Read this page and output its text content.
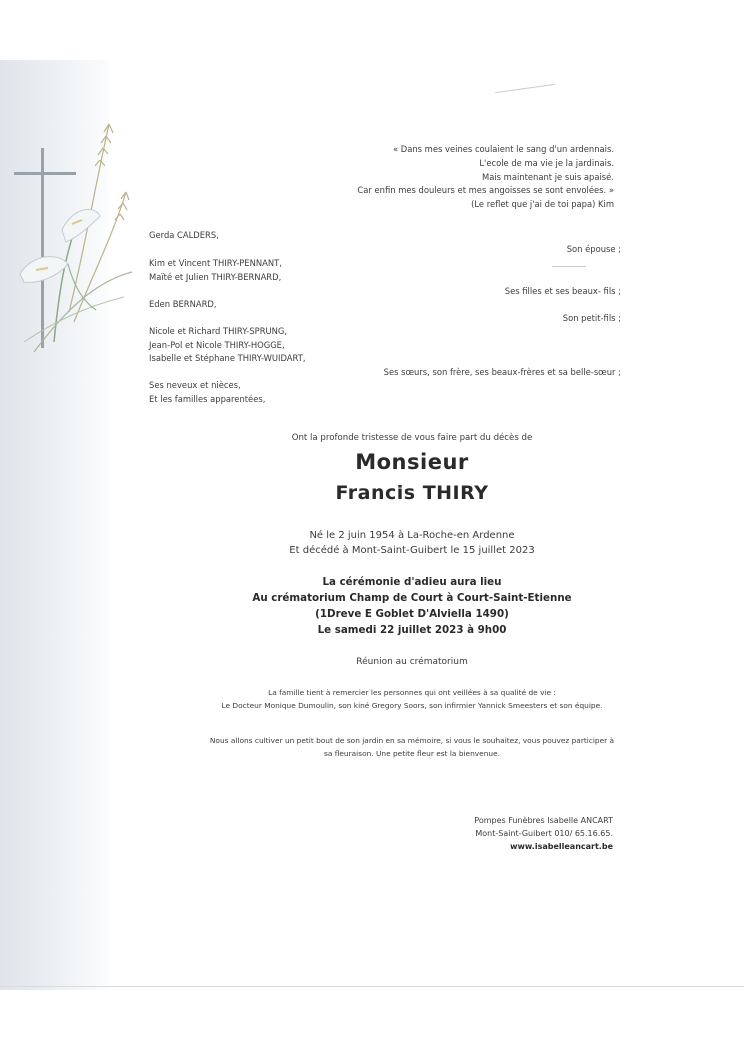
« Dans mes veines coulaient le sang d'un ardennais.
L'ecole de ma vie je la jardinais.
Mais maintenant je suis apaisé.
Car enfin mes douleurs et mes angoisses se sont envolées. »
(Le reflet que j'ai de toi papa) Kim
Gerda CALDERS,
Son épouse ;
Kim et Vincent THIRY-PENNANT,
Maïté et Julien THIRY-BERNARD,
Ses filles et ses beaux- fils ;
Eden BERNARD,
Son petit-fils ;
Nicole et Richard THIRY-SPRUNG,
Jean-Pol et Nicole THIRY-HOGGE,
Isabelle et Stéphane THIRY-WUIDART,
Ses sœurs, son frère, ses beaux-frères et sa belle-sœur ;
Ses neveux et nièces,
Et les familles apparentées,
Ont la profonde tristesse de vous faire part du décès de
Monsieur
Francis THIRY
Né le 2 juin 1954 à La-Roche-en Ardenne
Et décédé à Mont-Saint-Guibert le 15 juillet 2023
La cérémonie d'adieu aura lieu
Au crématorium Champ de Court à Court-Saint-Etienne
(1Dreve E Goblet D'Alviella 1490)
Le samedi 22 juillet 2023 à 9h00
Réunion au crématorium
La famille tient à remercier les personnes qui ont veillées à sa qualité de vie :
Le Docteur Monique Dumoulin, son kiné Gregory Soors, son infirmier Yannick Smeesters et son équipe.
Nous allons cultiver un petit bout de son jardin en sa mémoire, si vous le souhaitez, vous pouvez participer à
sa fleuraison. Une petite fleur est la bienvenue.
Pompes Funèbres Isabelle ANCART
Mont-Saint-Guibert 010/ 65.16.65.
www.isabelleancart.be
